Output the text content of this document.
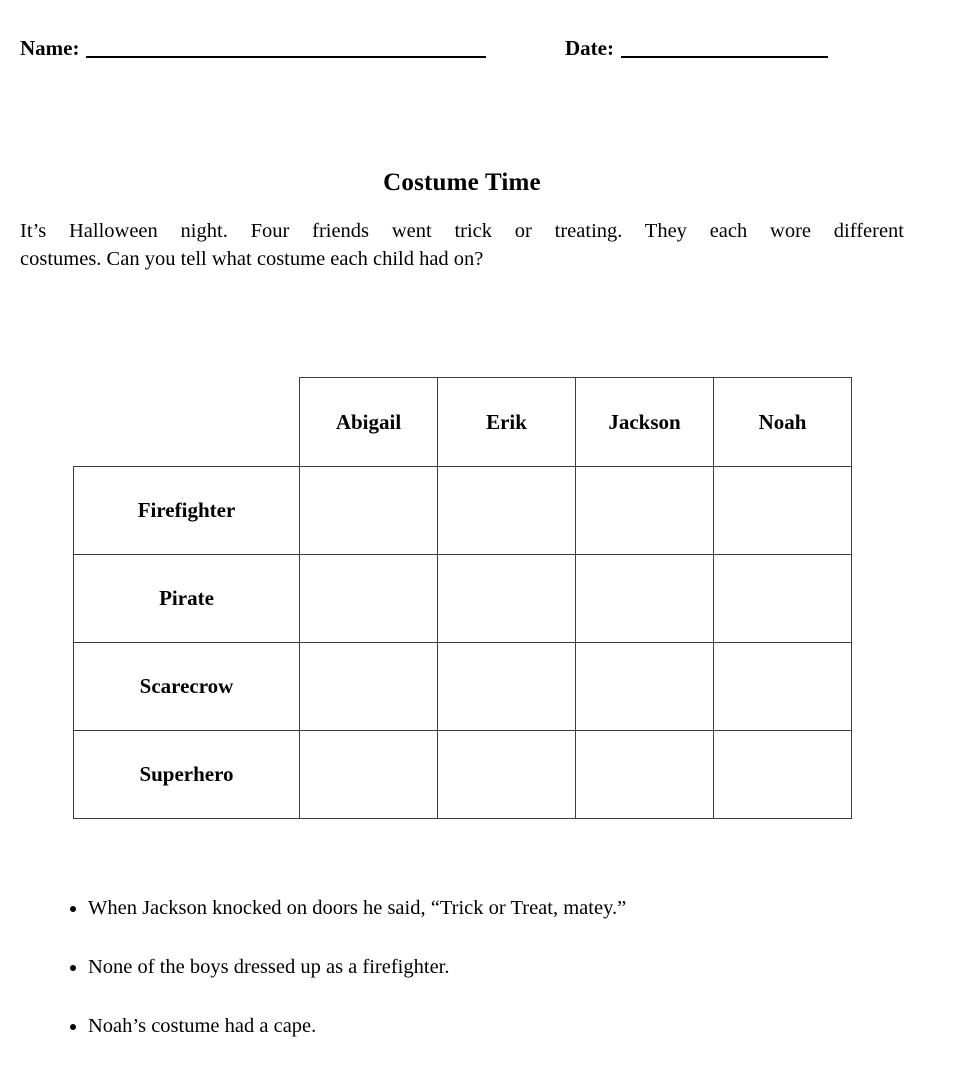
Name:	Date:
Costume Time
It’s Halloween night. Four friends went trick or treating. They each wore different
costumes. Can you tell what costume each child had on?
	Abigail	Erik	Jackson	Noah
Firefighter				
Pirate				
Scarecrow				
Superhero				
• When Jackson knocked on doors he said, “Trick or Treat, matey.”
• None of the boys dressed up as a firefighter.
• Noah’s costume had a cape.
